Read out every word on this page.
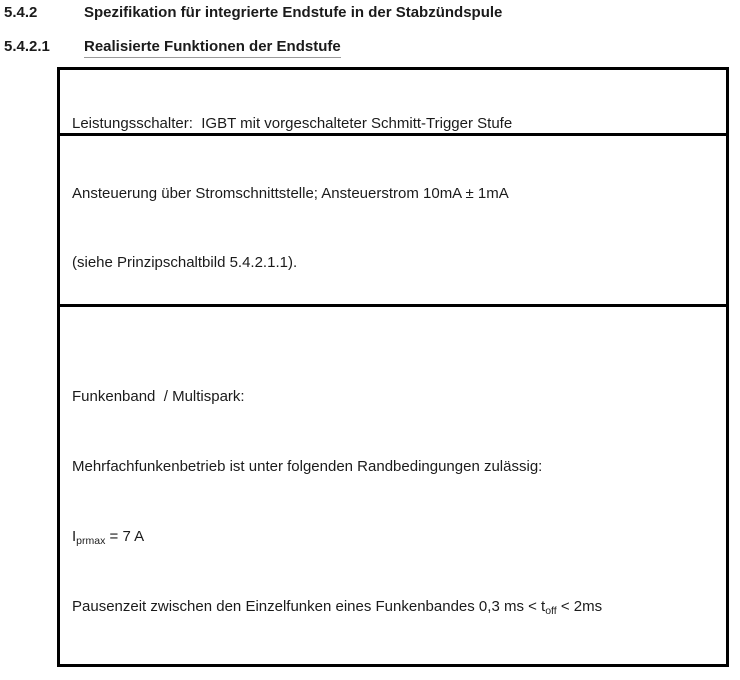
5.4.2	Spezifikation für integrierte Endstufe in der Stabzündspule
5.4.2.1	Realisierte Funktionen der Endstufe

Leistungsschalter:  IGBT mit vorgeschalteter Schmitt-Trigger Stufe

Ansteuerung über Stromschnittstelle; Ansteuerstrom 10mA ± 1mA

(siehe Prinzipschaltbild 5.4.2.1.1).

Funkenband  / Multispark:

Mehrfachfunkenbetrieb ist unter folgenden Randbedingungen zulässig:

$I_{prmax} = 7$ A

Pausenzeit zwischen den Einzelfunken eines Funkenbandes 0,3 ms < $t_{off} < 2ms$
